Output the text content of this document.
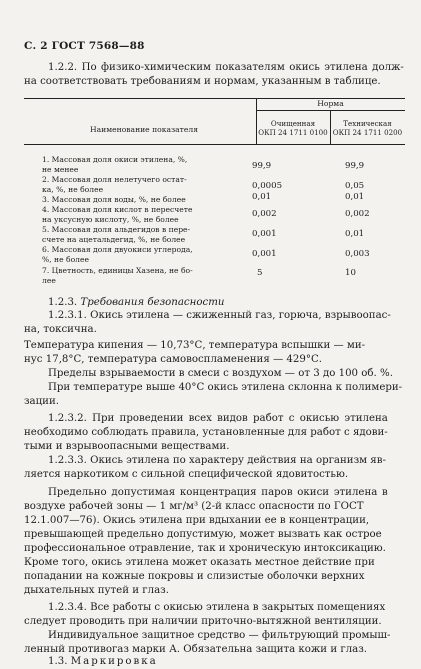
С. 2 ГОСТ 7568—88
1.2.2. По физико-химическим показателям окись этилена долж-
на соответствовать требованиям и нормам, указанным в таблице.
Наименование показателя
Норма
Очищенная
ОКП 24 1711 0100
Техническая
ОКП 24 1711 0200
1. Массовая доля окиси этилена, %,
не менее	99,9	99,9
2. Массовая доля нелетучего остат-
ка, %, не более	0,0005	0,05
3. Массовая доля воды, %, не более	0,01	0,01
4. Массовая доля кислот в пересчете
на уксусную кислоту, %, не более
0,002	0,002
5. Массовая доля альдегидов в пере-
счете на ацетальдегид, %, не более
0,001	0,01
6. Массовая доля двуокиси углерода,
%, не более
0,001	0,003
7. Цветность, единицы Хазена, не бо-
лее
5	10
1.2.3. Требования безопасности
1.2.3.1. Окись этилена — сжиженный газ, горюча, взрывоопас-
на, токсична.
Температура кипения — 10,73°С, температура вспышки — ми-
нус 17,8°С, температура самовоспламенения — 429°С.
Пределы взрываемости в смеси с воздухом — от 3 до 100 об. %.
При температуре выше 40°С окись этилена склонна к полимери-
зации.
1.2.3.2. При проведении всех видов работ с окисью этилена
необходимо соблюдать правила, установленные для работ с ядови-
тыми и взрывоопасными веществами.
1.2.3.3. Окись этилена по характеру действия на организм яв-
ляется наркотиком с сильной специфической ядовитостью.
Предельно допустимая концентрация паров окиси этилена в
воздухе рабочей зоны — 1 мг/м³ (2-й класс опасности по ГОСТ
12.1.007—76). Окись этилена при вдыхании ее в концентрации,
превышающей предельно допустимую, может вызвать как острое
профессиональное отравление, так и хроническую интоксикацию.
Кроме того, окись этилена может оказать местное действие при
попадании на кожные покровы и слизистые оболочки верхних
дыхательных путей и глаз.
1.2.3.4. Все работы с окисью этилена в закрытых помещениях
следует проводить при наличии приточно-вытяжной вентиляции.
Индивидуальное защитное средство — фильтрующий промыш-
ленный противогаз марки А. Обязательна защита кожи и глаз.
1.3. Маркировка
